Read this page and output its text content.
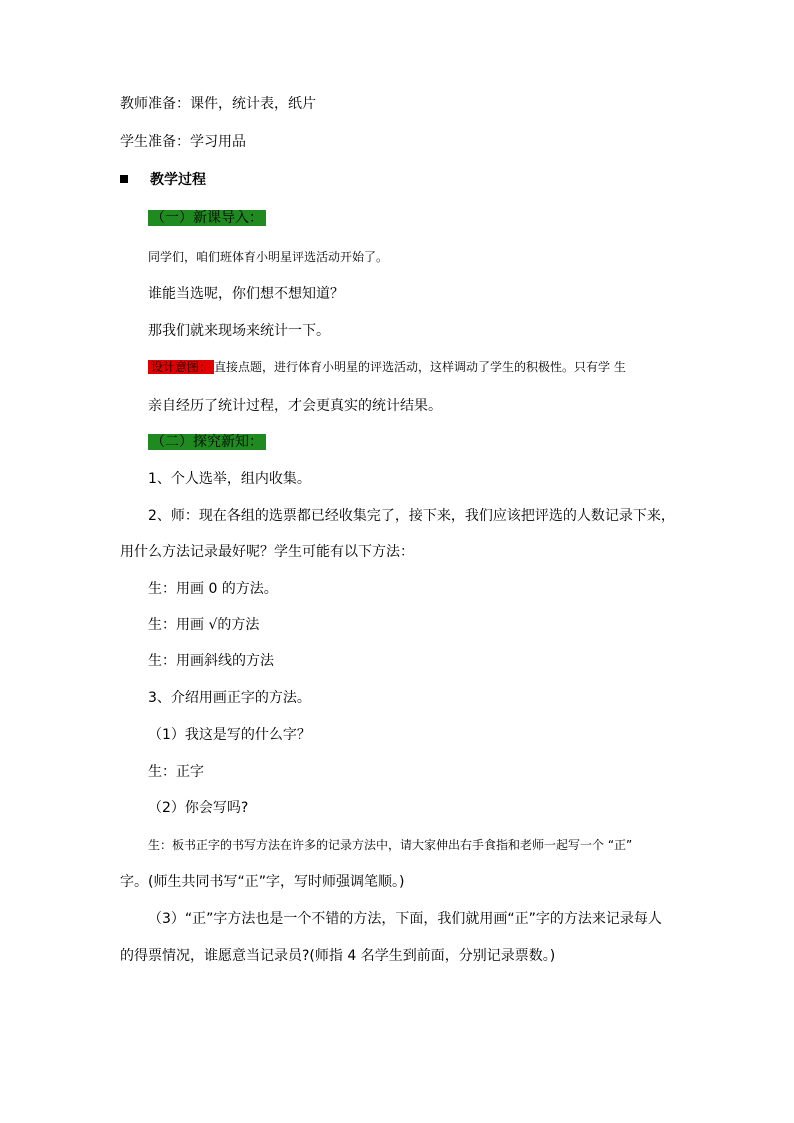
教师准备：课件，统计表，纸片
学生准备：学习用品
教学过程
（一）新课导入：
同学们，咱们班体育小明星评选活动开始了。
谁能当选呢，你们想不想知道？
那我们就来现场来统计一下。
设计意图： 直接点题，进行体育小明星的评选活动，这样调动了学生的积极性。只有学 生
亲自经历了统计过程，才会更真实的统计结果。
（二）探究新知：
1、个人选举，组内收集。
2、师：现在各组的选票都已经收集完了，接下来，我们应该把评选的人数记录下来，
用什么方法记录最好呢？学生可能有以下方法：
生：用画 0 的方法。
生：用画 √的方法
生：用画斜线的方法
3、介绍用画正字的方法。
（1）我这是写的什么字？
生：正字
（2）你会写吗?
生：板书正字的书写方法在许多的记录方法中，请大家伸出右手食指和老师一起写一个 “正”
字。(师生共同书写“正”字，写时师强调笔顺。)
（3）“正”字方法也是一个不错的方法，下面，我们就用画“正”字的方法来记录每人
的得票情况，谁愿意当记录员?(师指 4 名学生到前面，分别记录票数。)
